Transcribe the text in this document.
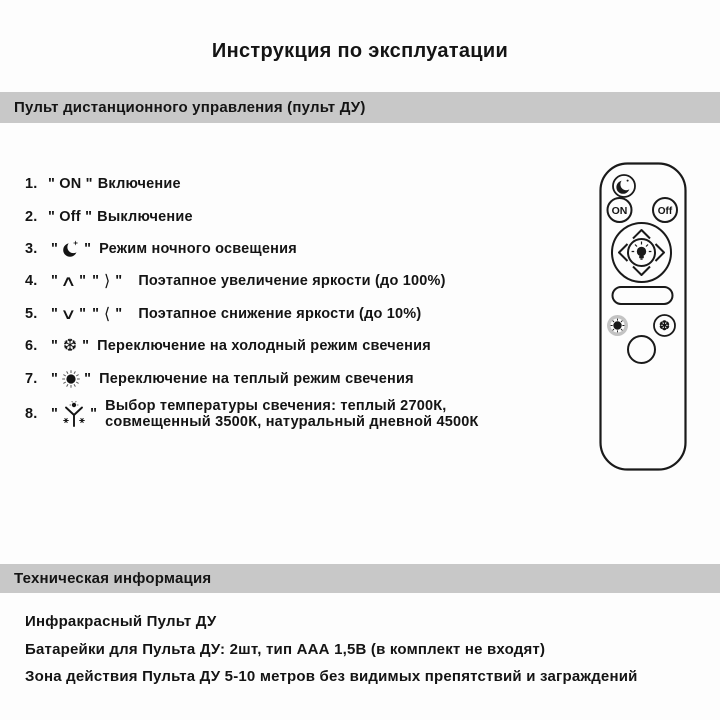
Инструкция по эксплуатации
Пульт дистанционного управления (пульт ДУ)
1. " ON " Включение
2. " Off " Выключение
3. " " Режим ночного освещения
4. " ∧ " " ⟩ " Поэтапное увеличение яркости (до 100%)
5. " ∨ " " ⟨ " Поэтапное снижение яркости (до 10%)
6. " ❆ " Переключение на холодный режим свечения
7. " " Переключение на теплый режим свечения
8. " " Выбор температуры свечения: теплый 2700К,
совмещенный 3500К, натуральный дневной 4500К
ON	Off
❆
Техническая информация
Инфракрасный Пульт ДУ
Батарейки для Пульта ДУ: 2шт, тип ААА 1,5В (в комплект не входят)
Зона действия Пульта ДУ 5-10 метров без видимых препятствий и заграждений
